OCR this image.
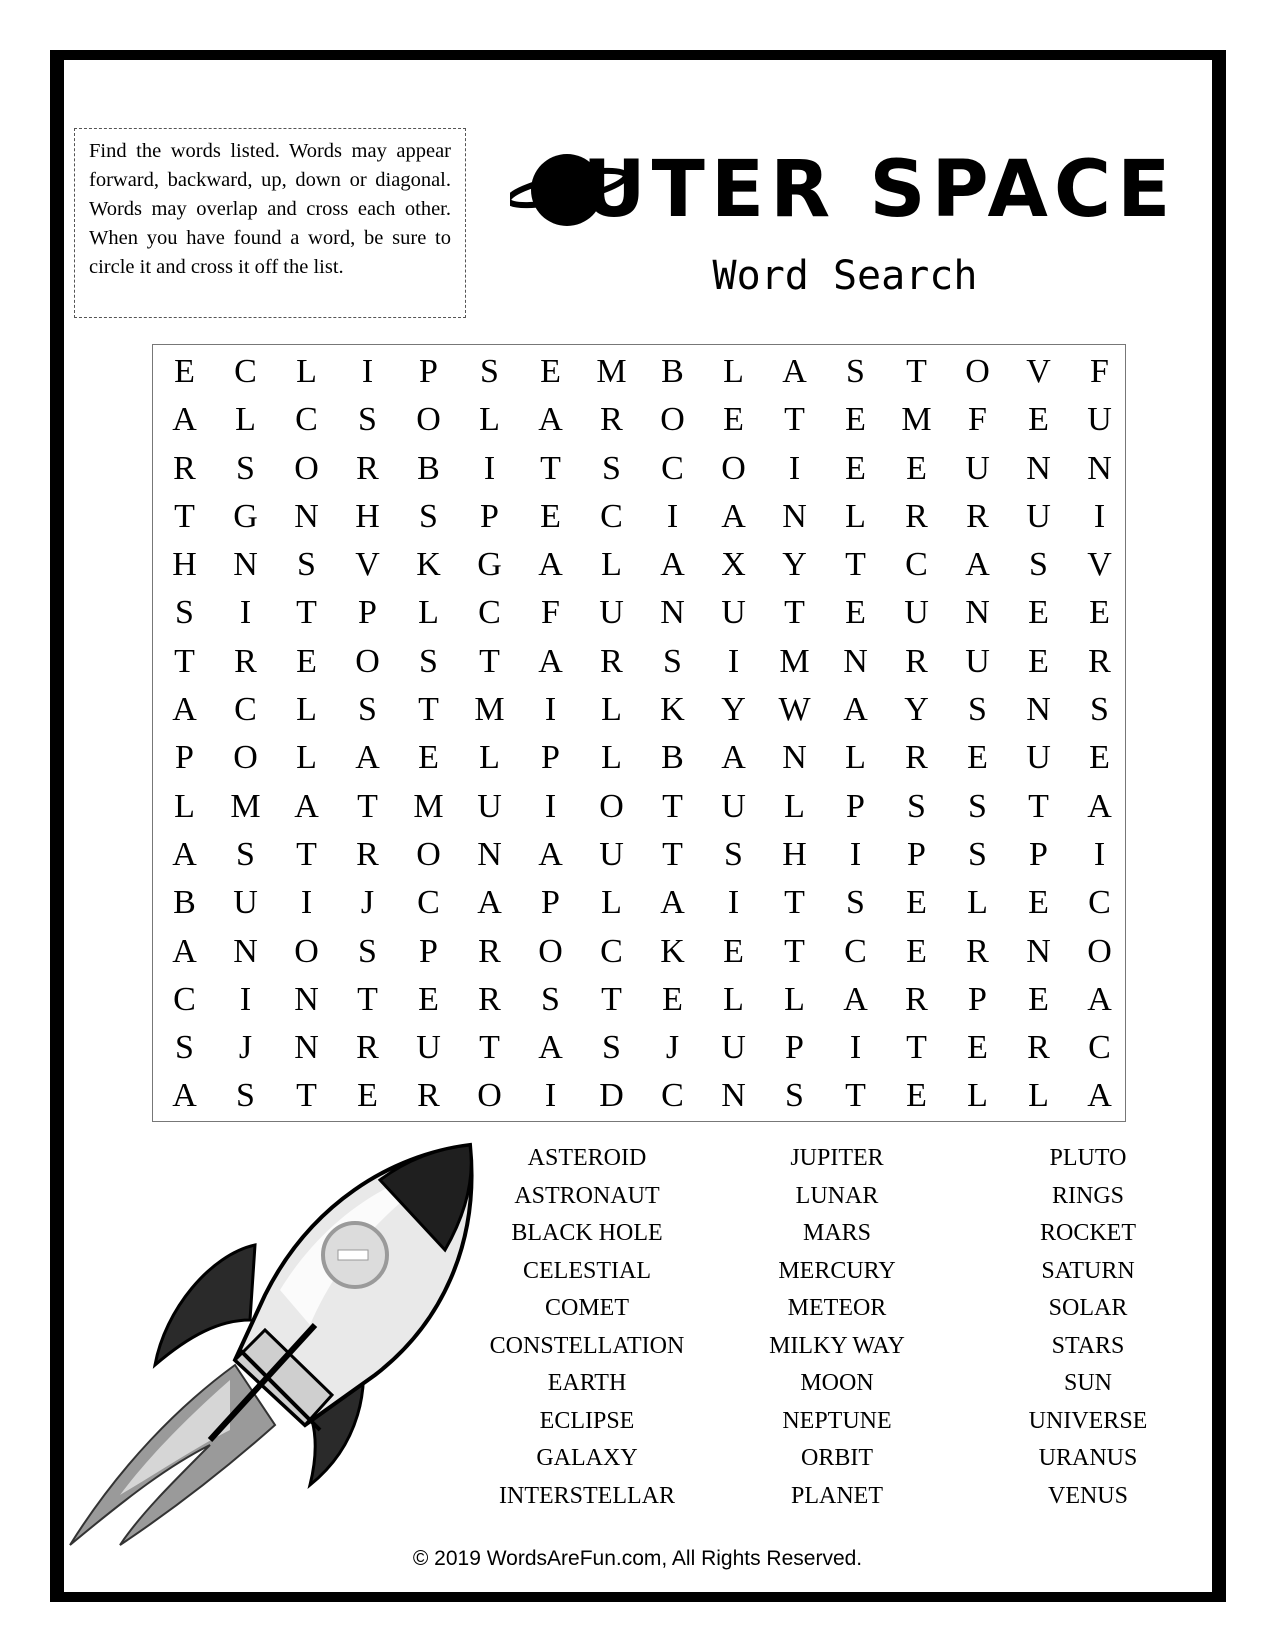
Find the words listed. Words may appear forward, backward, up, down or diagonal. Words may overlap and cross each other. When you have found a word, be sure to circle it and cross it off the list.
UTER SPACE
Word Search
E	C	L	I	P	S	E	M	B	L	A	S	T	O	V	F
A	L	C	S	O	L	A	R	O	E	T	E	M	F	E	U
R	S	O	R	B	I	T	S	C	O	I	E	E	U	N	N
T	G	N	H	S	P	E	C	I	A	N	L	R	R	U	I
H	N	S	V	K	G	A	L	A	X	Y	T	C	A	S	V
S	I	T	P	L	C	F	U	N	U	T	E	U	N	E	E
T	R	E	O	S	T	A	R	S	I	M N	R	U	E	R
A	C	L	S	T	M	I	L	K	Y W A	Y	S	N	S
P	O	L	A	E	L	P	L	B	A	N	L	R	E	U	E
L	M A	T	M U	I	O	T	U	L	P	S	S	T	A
A	S	T	R	O	N	A	U	T	S	H	I	P	S	P	I
B	U	I	J	C	A	P	L	A	I	T	S	E	L	E	C
A	N	O	S	P	R	O	C	K	E	T	C	E	R	N	O
C	I	N	T	E	R	S	T	E	L	L	A	R	P	E	A
S	J	N	R	U	T	A	S	J	U	P	I	T	E	R	C
A	S	T	E	R	O	I	D	C	N	S	T	E	L	L	A
ASTEROID
ASTRONAUT
BLACK HOLE
CELESTIAL
COMET
CONSTELLATION
EARTH
ECLIPSE
GALAXY
INTERSTELLAR
JUPITER
LUNAR
MARS
MERCURY
METEOR
MILKY WAY
MOON
NEPTUNE
ORBIT
PLANET
PLUTO
RINGS
ROCKET
SATURN
SOLAR
STARS
SUN
UNIVERSE
URANUS
VENUS
© 2019 WordsAreFun.com, All Rights Reserved.
